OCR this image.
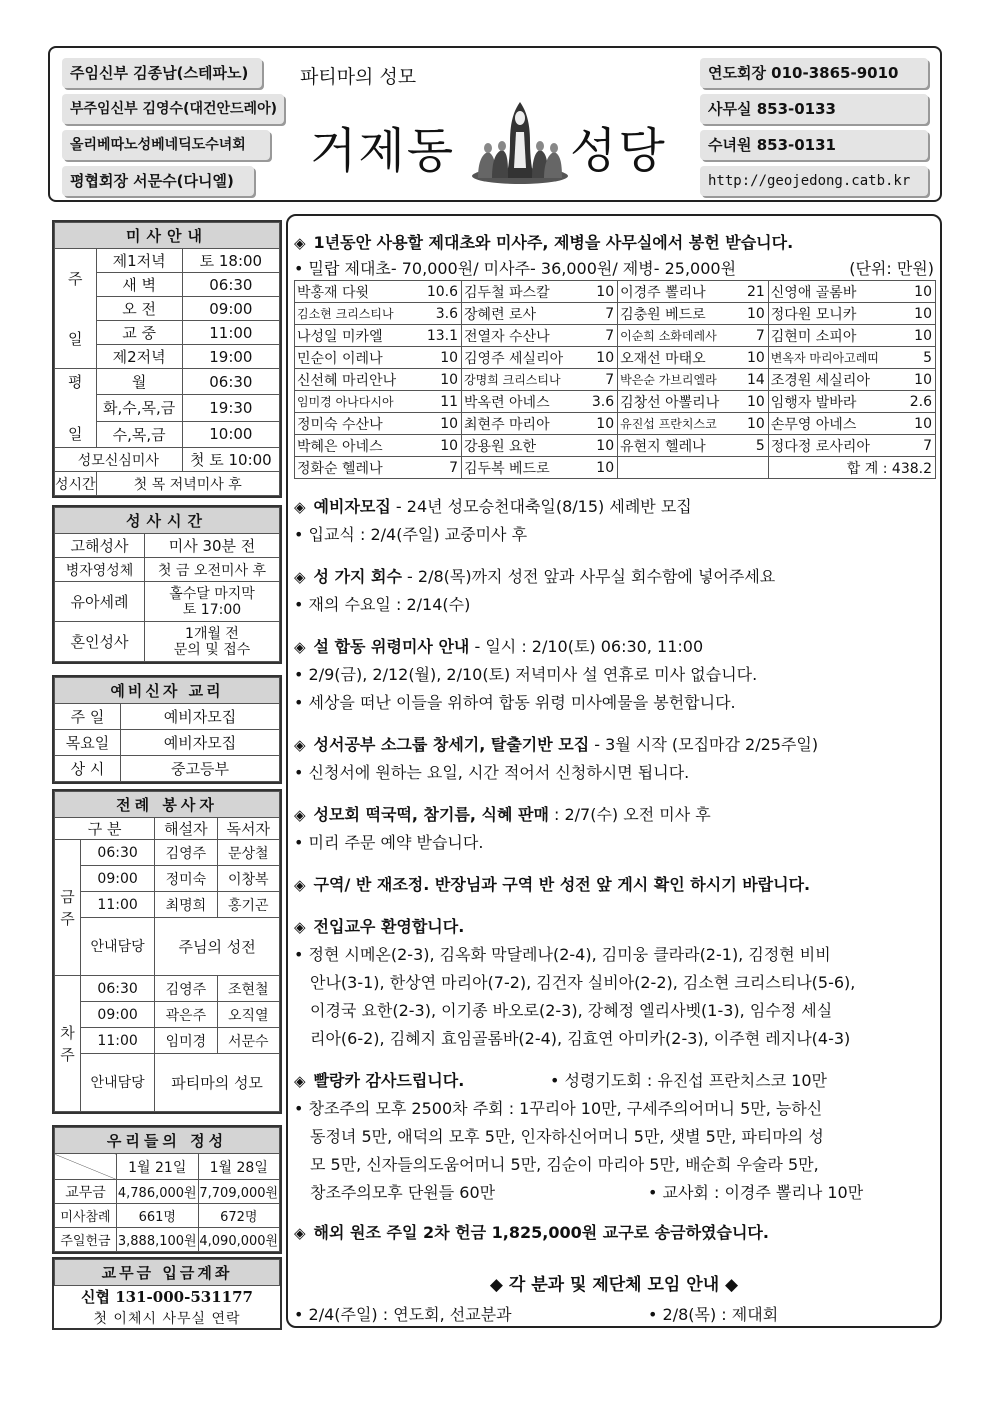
주임신부 김종남(스테파노)
부주임신부 김영수(대건안드레아)
올리베따노성베네딕도수녀회
평협회장 서문수(다니엘)
연도회장 010-3865-9010
사무실 853-0133
수녀원 853-0131
http://geojedong.catb.kr
파티마의 성모
거제동 성당
미사안내		
주

일	제1저녁	토 18:00
	새 벽	06:30
	오 전	09:00
	교 중	11:00
	제2저녁	19:00
평

일	월	06:30
	화,수,목,금	19:30
	수,목,금	10:00
성모신심미사		첫 토 10:00
성시간	첫 목 저녁미사 후	
성사시간	
고해성사	미사 30분 전
병자영성체	첫 금 오전미사 후
유아세례	홀수달 마지막
토 17:00
혼인성사	1개월 전
문의 및 접수
예비신자 교리	
주 일	예비자모집
목요일	예비자모집
상 시	중고등부
전례 봉사자			
구 분		해설자	독서자
금
주	06:30	김영주	문상철
	09:00	정미숙	이창복
	11:00	최명희	홍기곤
	안내담당	주님의 성전	
차
주	06:30	김영주	조현철
	09:00	곽은주	오직열
	11:00	임미경	서문수
	안내담당	파티마의 성모	
우리들의 정성		
	1월 21일	1월 28일
교무금	4,786,000원	7,709,000원
미사참례	661명	672명
주일헌금	3,888,100원	4,090,000원
교무금 입금계좌
신협 131-000-531177
첫 이체시 사무실 연락
◈ 1년동안 사용할 제대초와 미사주, 제병을 사무실에서 봉헌 받습니다.
• 밀랍 제대초- 70,000원/ 미사주- 36,000원/ 제병- 25,000원	(단위: 만원)
박홍재 다윗	10.6	김두철 파스칼	10	이경주 뽈리나	21	신영애 골롬바	10
김소현 크리스티나	3.6	장혜련 로사	7	김충원 베드로	10	정다원 모니카	10
나성일 미카엘	13.1	전열자 수산나	7	이순희 소화데레사	7	김현미 소피아	10
민순이 이레나	10	김영주 세실리아	10	오재선 마태오	10	변옥자 마리아고레띠	5
신선혜 마리안나	10	강명희 크리스티나	7	박은순 가브리엘라	14	조경원 세실리아	10
임미경 아나다시아	11	박옥련 아네스	3.6	김창선 아뽈리나	10	임행자 발바라	2.6
정미숙 수산나	10	최현주 마리아	10	유진섭 프란치스코	10	손무영 아네스	10
박혜은 아네스	10	강용원 요한	10	유현지 헬레나	5	정다정 로사리아	7
정화순 헬레나	7	김두복 베드로	10			합 계 : 438.2	
◈ 예비자모집 - 24년 성모승천대축일(8/15) 세례반 모집
• 입교식 : 2/4(주일) 교중미사 후
◈ 성 가지 회수 - 2/8(목)까지 성전 앞과 사무실 회수함에 넣어주세요
• 재의 수요일 : 2/14(수)
◈ 설 합동 위령미사 안내 - 일시 : 2/10(토) 06:30, 11:00
• 2/9(금), 2/12(월), 2/10(토) 저녁미사 설 연휴로 미사 없습니다.
• 세상을 떠난 이들을 위하여 합동 위령 미사예물을 봉헌합니다.
◈ 성서공부 소그룹 창세기, 탈출기반 모집 - 3월 시작 (모집마감 2/25주일)
• 신청서에 원하는 요일, 시간 적어서 신청하시면 됩니다.
◈ 성모회 떡국떡, 참기름, 식혜 판매 : 2/7(수) 오전 미사 후
• 미리 주문 예약 받습니다.
◈ 구역/ 반 재조정. 반장님과 구역 반 성전 앞 게시 확인 하시기 바랍니다.
◈ 전입교우 환영합니다.
• 정현 시메온(2-3), 김옥화 막달레나(2-4), 김미웅 클라라(2-1), 김정현 비비
안나(3-1), 한상연 마리아(7-2), 김건자 실비아(2-2), 김소현 크리스티나(5-6),
이경국 요한(2-3), 이기종 바오로(2-3), 강혜정 엘리사벳(1-3), 임수정 세실
리아(6-2), 김혜지 효임골롬바(2-4), 김효연 아미카(2-3), 이주현 레지나(4-3)
◈ 빨랑카 감사드립니다.	• 성령기도회 : 유진섭 프란치스코 10만
• 창조주의 모후 2500차 주회 : 1꾸리아 10만, 구세주의어머니 5만, 능하신
동정녀 5만, 애덕의 모후 5만, 인자하신어머니 5만, 샛별 5만, 파티마의 성
모 5만, 신자들의도움어머니 5만, 김순이 마리아 5만, 배순희 우술라 5만,
창조주의모후 단원들 60만	• 교사회 : 이경주 뽈리나 10만
◈ 해외 원조 주일 2차 헌금 1,825,000원 교구로 송금하였습니다.
◆ 각 분과 및 제단체 모임 안내 ◆
• 2/4(주일) : 연도회, 선교분과	• 2/8(목) : 제대회
